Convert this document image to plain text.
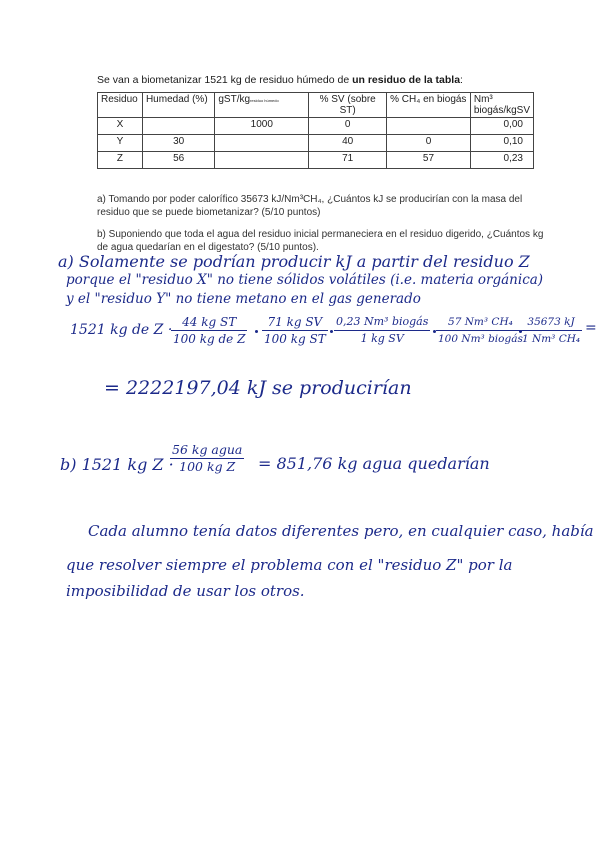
Se van a biometanizar 1521 kg de residuo húmedo de un residuo de la tabla:
Residuo	Humedad (%)	gST/kgresiduo húmedo	% SV (sobre ST)	% CH₄ en biogás	Nm³ biogás/kgSV
X		1000	0		0,00
Y	30		40	0	0,10
Z	56		71	57	0,23
a) Tomando por poder calorífico 35673 kJ/Nm³CH₄, ¿Cuántos kJ se producirían con la masa del residuo que se puede biometanizar? (5/10 puntos)
b) Suponiendo que toda el agua del residuo inicial permaneciera en el residuo digerido, ¿Cuántos kg de agua quedarían en el digestato? (5/10 puntos).
a) Solamente se podrían producir kJ a partir del residuo Z
porque el "residuo X" no tiene sólidos volátiles (i.e. materia orgánica)
y el "residuo Y" no tiene metano en el gas generado
1521 kg de Z ·
$\frac{\text{44 kg ST}}{\text{100 kg de Z}} \frac{\text{71 kg SV}}{\text{100 kg ST}} 0,23$ Nm³ biogás
1 kg SV
57 Nm³ CH₄
100 Nm³ biogás
$\frac{35673 kJ}{\text{1 Nm³ CH₄}}$ =
= 2222197,04 kJ se producirían
b) 1521 kg Z ·
56 kg agua
100 kg Z	= 851,76 kg agua quedarían
Cada alumno tenía datos diferentes pero, en cualquier caso, había
que resolver siempre el problema con el "residuo Z" por la
imposibilidad de usar los otros.
